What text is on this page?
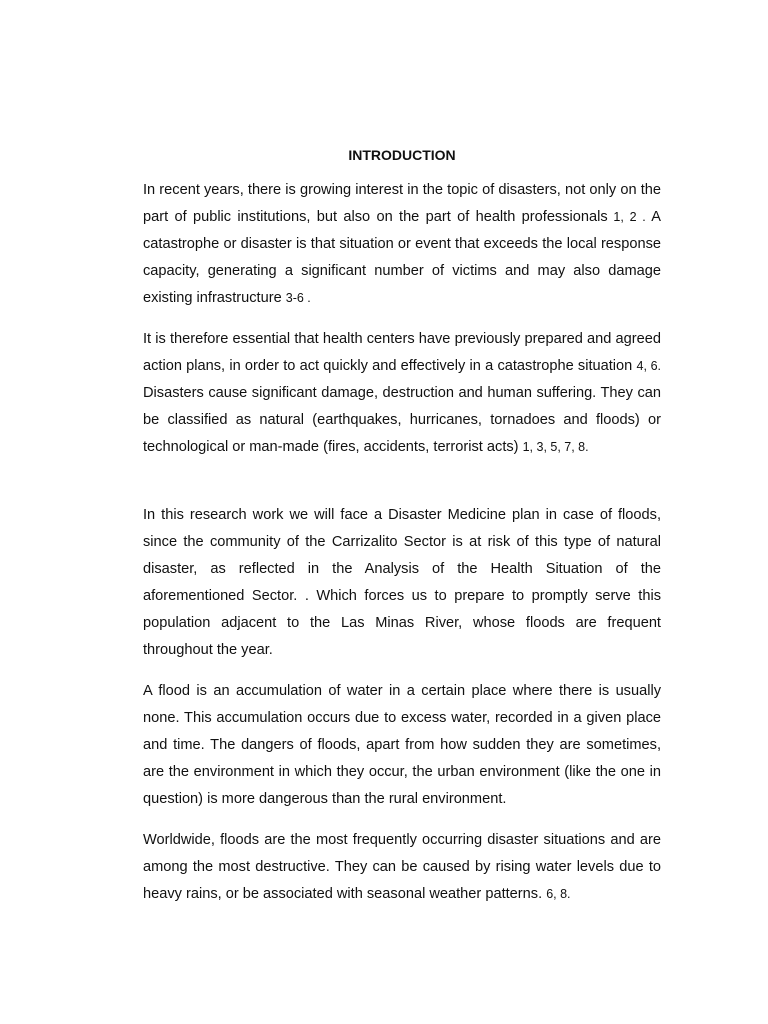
INTRODUCTION

In recent years, there is growing interest in the topic of disasters, not only on the part of public institutions, but also on the part of health professionals 1, 2 . A catastrophe or disaster is that situation or event that exceeds the local response capacity, generating a significant number of victims and may also damage existing infrastructure 3-6 .

It is therefore essential that health centers have previously prepared and agreed action plans, in order to act quickly and effectively in a catastrophe situation 4, 6. Disasters cause significant damage, destruction and human suffering. They can be classified as natural (earthquakes, hurricanes, tornadoes and floods) or technological or man-made (fires, accidents, terrorist acts) 1, 3, 5, 7, 8.

In this research work we will face a Disaster Medicine plan in case of floods, since the community of the Carrizalito Sector is at risk of this type of natural disaster, as reflected in the Analysis of the Health Situation of the aforementioned Sector. . Which forces us to prepare to promptly serve this population adjacent to the Las Minas River, whose floods are frequent throughout the year.

A flood is an accumulation of water in a certain place where there is usually none. This accumulation occurs due to excess water, recorded in a given place and time. The dangers of floods, apart from how sudden they are sometimes, are the environment in which they occur, the urban environment (like the one in question) is more dangerous than the rural environment.

Worldwide, floods are the most frequently occurring disaster situations and are among the most destructive. They can be caused by rising water levels due to heavy rains, or be associated with seasonal weather patterns. 6, 8.
